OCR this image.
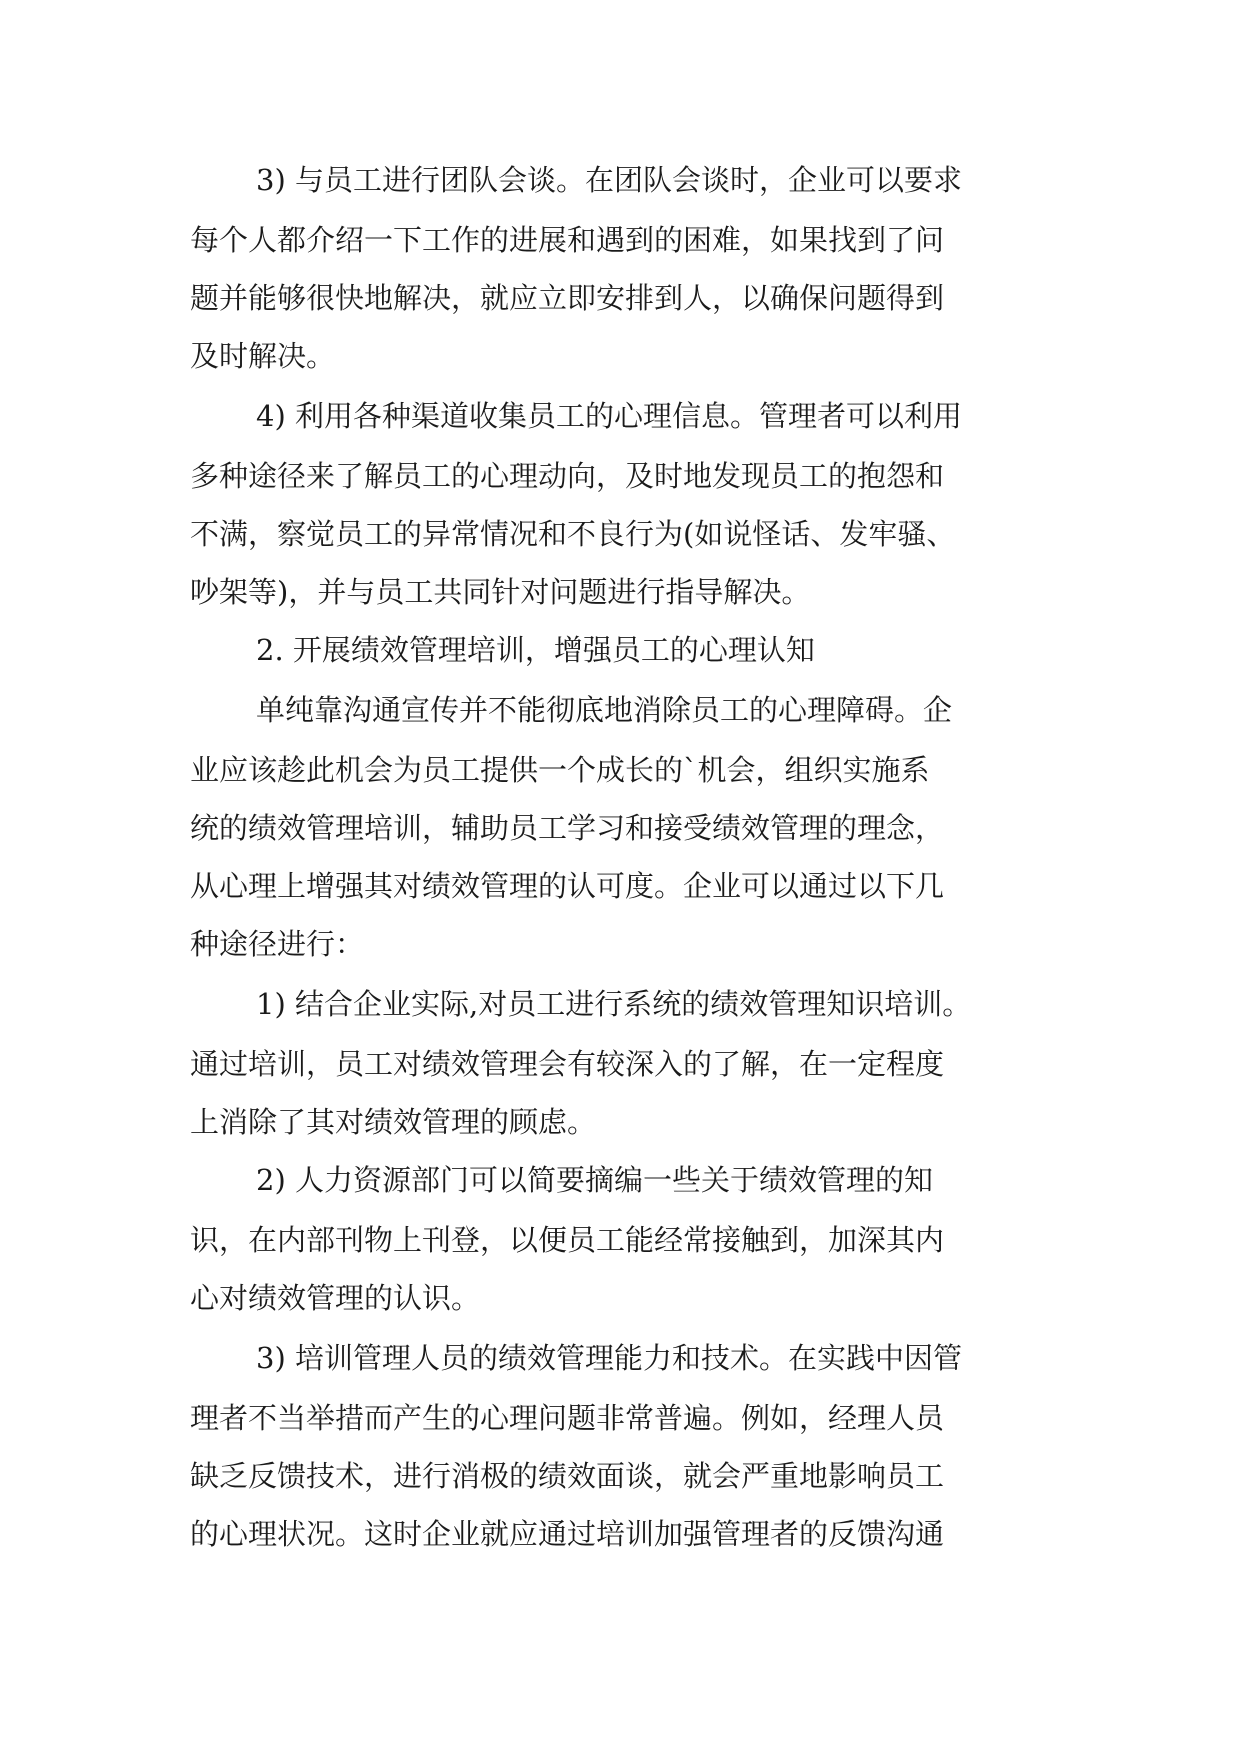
3) 与员工进行团队会谈。在团队会谈时，企业可以要求
每个人都介绍一下工作的进展和遇到的困难，如果找到了问
题并能够很快地解决，就应立即安排到人，以确保问题得到
及时解决。
4) 利用各种渠道收集员工的心理信息。管理者可以利用
多种途径来了解员工的心理动向，及时地发现员工的抱怨和
不满，察觉员工的异常情况和不良行为(如说怪话、发牢骚、
吵架等)，并与员工共同针对问题进行指导解决。
2. 开展绩效管理培训，增强员工的心理认知
单纯靠沟通宣传并不能彻底地消除员工的心理障碍。企
业应该趁此机会为员工提供一个成长的`机会，组织实施系
统的绩效管理培训，辅助员工学习和接受绩效管理的理念，
从心理上增强其对绩效管理的认可度。企业可以通过以下几
种途径进行：
1) 结合企业实际,对员工进行系统的绩效管理知识培训。
通过培训，员工对绩效管理会有较深入的了解，在一定程度
上消除了其对绩效管理的顾虑。
2) 人力资源部门可以简要摘编一些关于绩效管理的知
识，在内部刊物上刊登，以便员工能经常接触到，加深其内
心对绩效管理的认识。
3) 培训管理人员的绩效管理能力和技术。在实践中因管
理者不当举措而产生的心理问题非常普遍。例如，经理人员
缺乏反馈技术，进行消极的绩效面谈，就会严重地影响员工
的心理状况。这时企业就应通过培训加强管理者的反馈沟通
